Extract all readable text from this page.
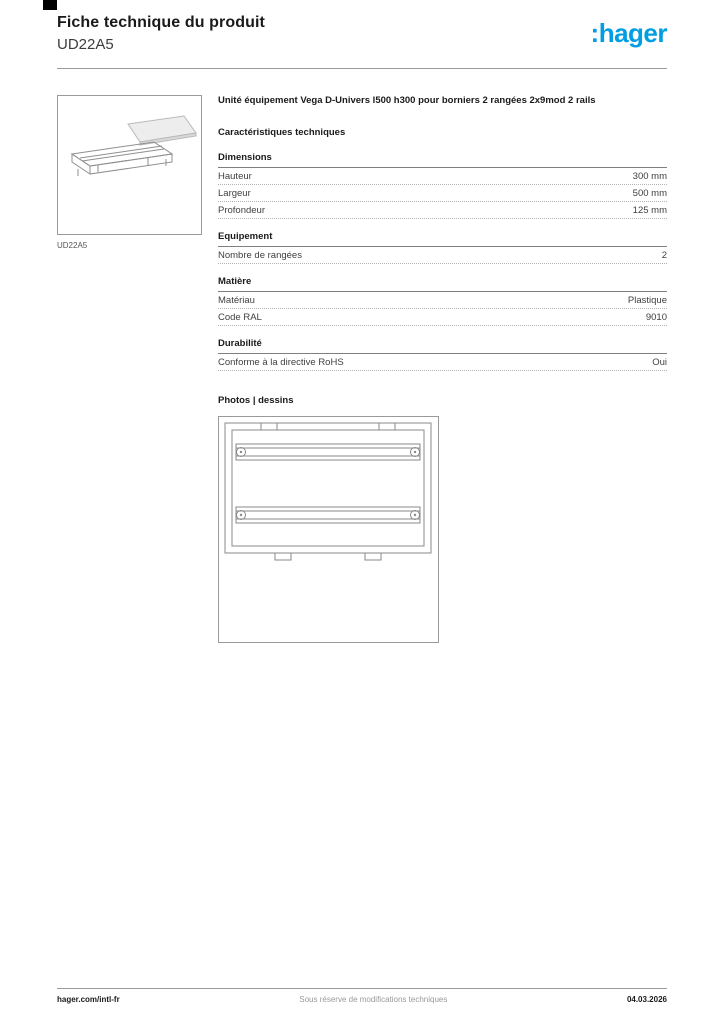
Fiche technique du produit
UD22A5	:hager
UD22A5
Unité équipement Vega D-Univers l500 h300 pour borniers 2 rangées 2x9mod 2 rails
Caractéristiques techniques
Dimensions
Hauteur	300 mm
Largeur	500 mm
Profondeur	125 mm
Equipement
Nombre de rangées	2
Matière
Matériau	Plastique
Code RAL	9010
Durabilité
Conforme à la directive RoHS	Oui
Photos | dessins
hager.com/intl-fr	Sous réserve de modifications techniques	04.03.2026
